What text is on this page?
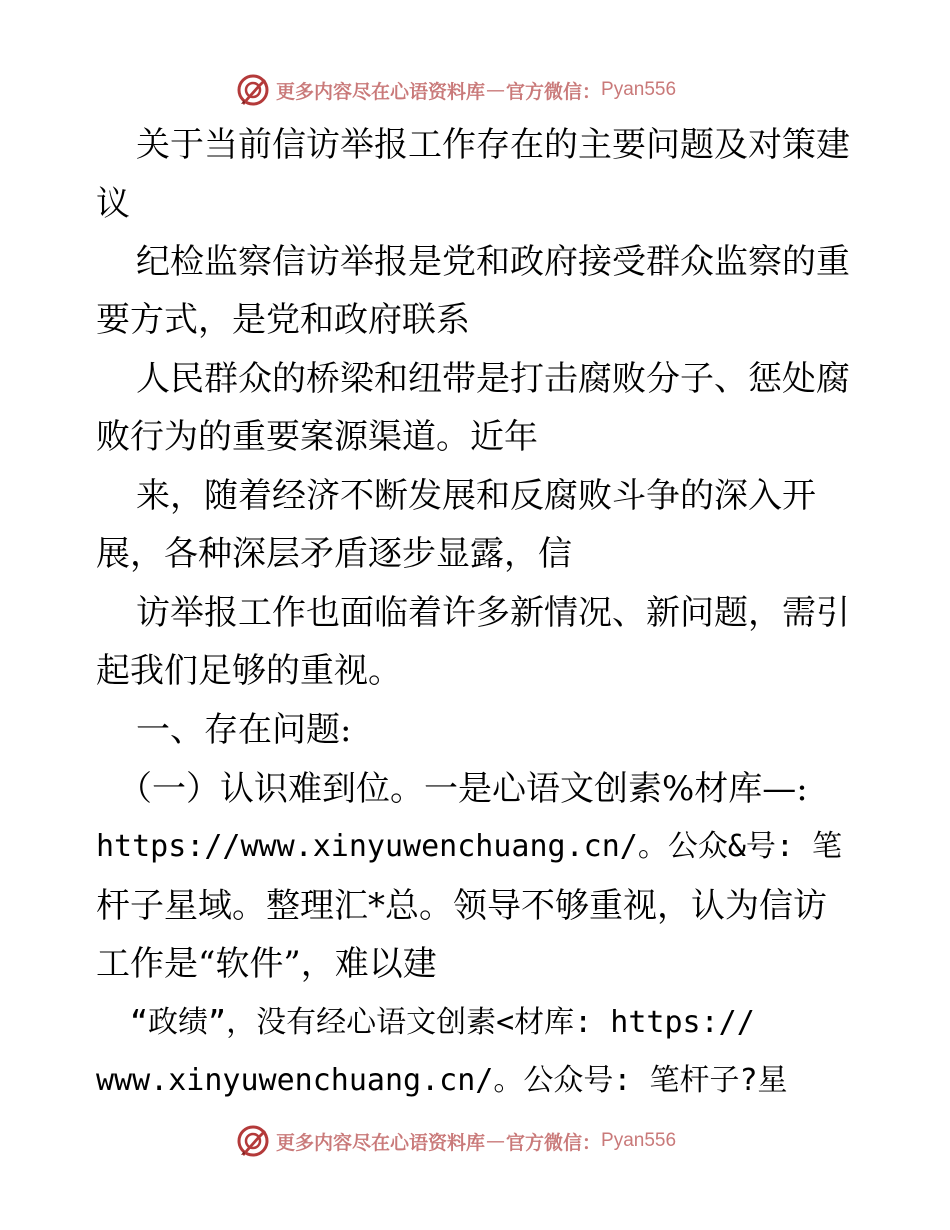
更多内容尽在心语资料库 — 官方微信： Pyan556
关于当前信访举报工作存在的主要问题及对策建
议
纪检监察信访举报是党和政府接受群众监察的重
要方式，是党和政府联系
人民群众的桥梁和纽带是打击腐败分子、惩处腐
败行为的重要案源渠道。近年
来，随着经济不断发展和反腐败斗争的深入开
展，各种深层矛盾逐步显露，信
访举报工作也面临着许多新情况、新问题，需引
起我们足够的重视。
一、存在问题:
（一）认识难到位。一是心语文创素%材库—:
https://www.xinyuwenchuang.cn/。公众&号: 笔
杆子星域。整理汇*总。领导不够重视，认为信访
工作是“软件”，难以建
“政绩”，没有经心语文创素<材库: https://
www.xinyuwenchuang.cn/。公众号: 笔杆子?星
更多内容尽在心语资料库 — 官方微信： Pyan556
